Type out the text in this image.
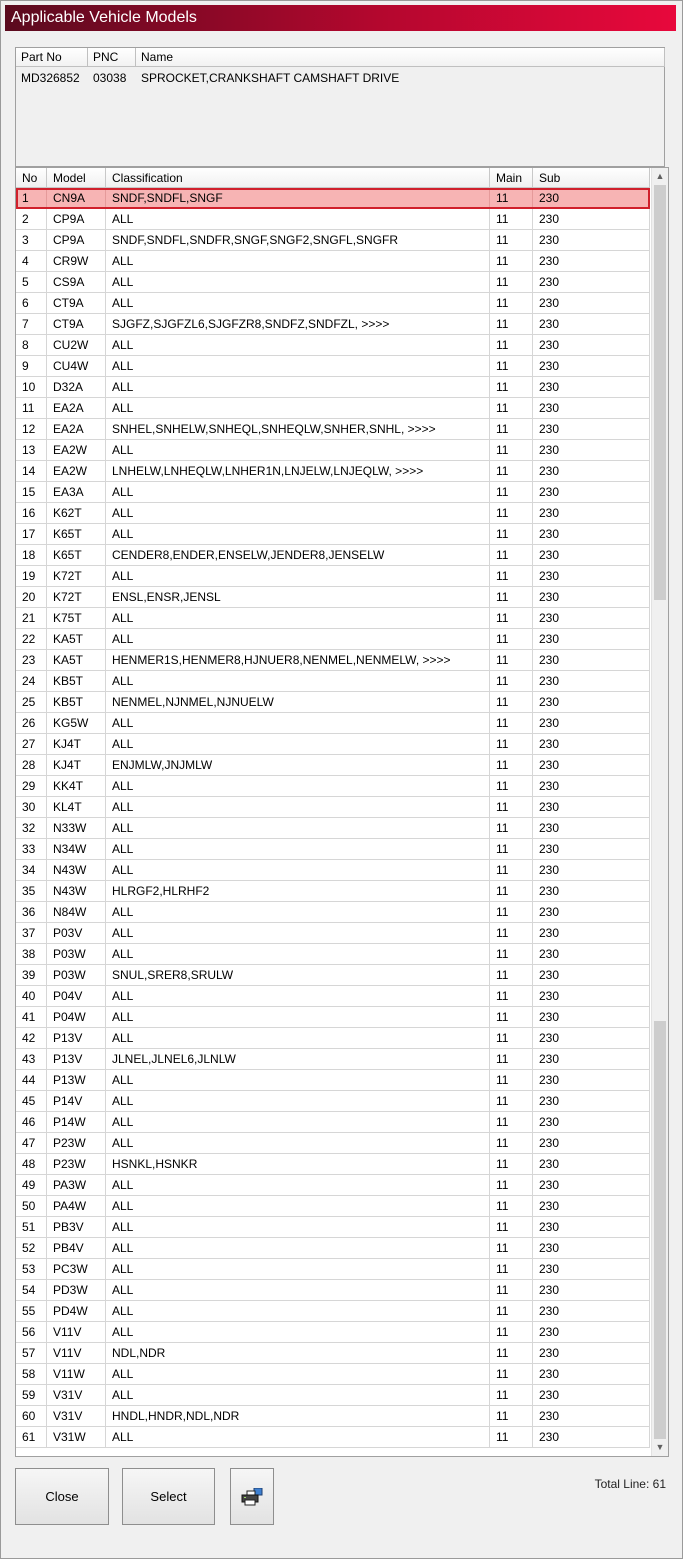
Applicable Vehicle Models
Part No	PNC	Name
MD326852	03038	SPROCKET,CRANKSHAFT CAMSHAFT DRIVE
No	Model	Classification	Main	Sub
1	CN9A	SNDF,SNDFL,SNGF	11	230
2	CP9A	ALL	11	230
3	CP9A	SNDF,SNDFL,SNDFR,SNGF,SNGF2,SNGFL,SNGFR	11	230
4	CR9W	ALL	11	230
5	CS9A	ALL	11	230
6	CT9A	ALL	11	230
7	CT9A	SJGFZ,SJGFZL6,SJGFZR8,SNDFZ,SNDFZL, >>>>	11	230
8	CU2W	ALL	11	230
9	CU4W	ALL	11	230
10	D32A	ALL	11	230
11	EA2A	ALL	11	230
12	EA2A	SNHEL,SNHELW,SNHEQL,SNHEQLW,SNHER,SNHL, >>>>	11	230
13	EA2W	ALL	11	230
14	EA2W	LNHELW,LNHEQLW,LNHER1N,LNJELW,LNJEQLW, >>>>	11	230
15	EA3A	ALL	11	230
16	K62T	ALL	11	230
17	K65T	ALL	11	230
18	K65T	CENDER8,ENDER,ENSELW,JENDER8,JENSELW	11	230
19	K72T	ALL	11	230
20	K72T	ENSL,ENSR,JENSL	11	230
21	K75T	ALL	11	230
22	KA5T	ALL	11	230
23	KA5T	HENMER1S,HENMER8,HJNUER8,NENMEL,NENMELW, >>>>	11	230
24	KB5T	ALL	11	230
25	KB5T	NENMEL,NJNMEL,NJNUELW	11	230
26	KG5W	ALL	11	230
27	KJ4T	ALL	11	230
28	KJ4T	ENJMLW,JNJMLW	11	230
29	KK4T	ALL	11	230
30	KL4T	ALL	11	230
32	N33W	ALL	11	230
33	N34W	ALL	11	230
34	N43W	ALL	11	230
35	N43W	HLRGF2,HLRHF2	11	230
36	N84W	ALL	11	230
37	P03V	ALL	11	230
38	P03W	ALL	11	230
39	P03W	SNUL,SRER8,SRULW	11	230
40	P04V	ALL	11	230
41	P04W	ALL	11	230
42	P13V	ALL	11	230
43	P13V	JLNEL,JLNEL6,JLNLW	11	230
44	P13W	ALL	11	230
45	P14V	ALL	11	230
46	P14W	ALL	11	230
47	P23W	ALL	11	230
48	P23W	HSNKL,HSNKR	11	230
49	PA3W	ALL	11	230
50	PA4W	ALL	11	230
51	PB3V	ALL	11	230
52	PB4V	ALL	11	230
53	PC3W	ALL	11	230
54	PD3W	ALL	11	230
55	PD4W	ALL	11	230
56	V11V	ALL	11	230
57	V11V	NDL,NDR	11	230
58	V11W	ALL	11	230
59	V31V	ALL	11	230
60	V31V	HNDL,HNDR,NDL,NDR	11	230
61	V31W	ALL	11	230
▲
▼
Close	Select
Total Line: 61
